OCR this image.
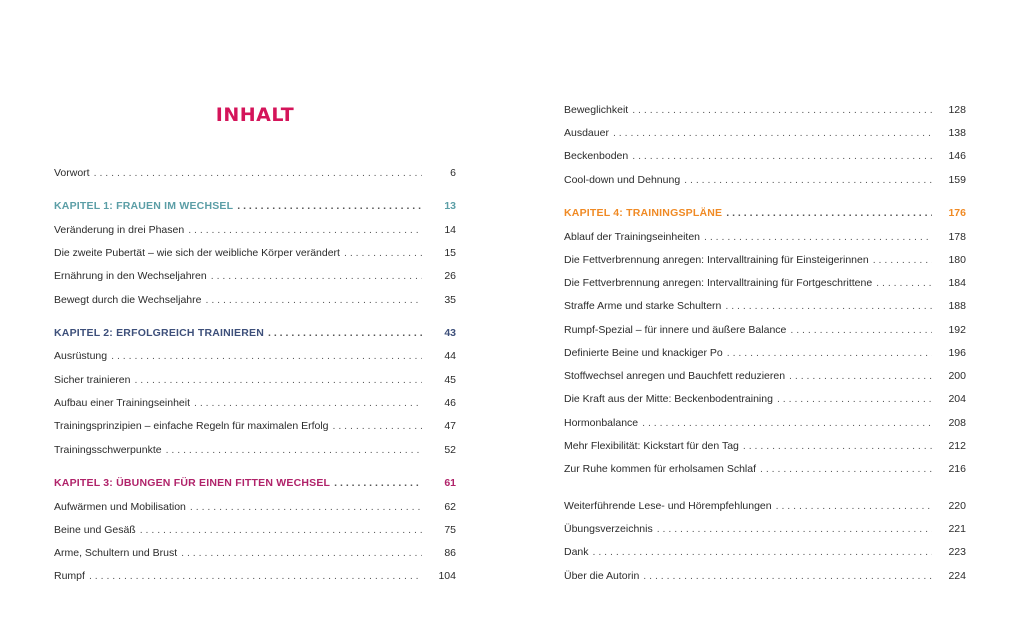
INHALT
Vorwort . . .	6
KAPITEL 1: FRAUEN IM WECHSEL . . .	13
Veränderung in drei Phasen . . .	14
Die zweite Pubertät – wie sich der weibliche Körper verändert . . .	15
Ernährung in den Wechseljahren . . .	26
Bewegt durch die Wechseljahre . . .	35
KAPITEL 2: ERFOLGREICH TRAINIEREN . . .	43
Ausrüstung . . .	44
Sicher trainieren . . .	45
Aufbau einer Trainingseinheit . . .	46
Trainingsprinzipien – einfache Regeln für maximalen Erfolg . . .	47
Trainingsschwerpunkte . . .	52
KAPITEL 3: ÜBUNGEN FÜR EINEN FITTEN WECHSEL . . .	61
Aufwärmen und Mobilisation . . .	62
Beine und Gesäß . . .	75
Arme, Schultern und Brust . . .	86
Rumpf . . .	104
Beweglichkeit . . .	128
Ausdauer . . .	138
Beckenboden . . .	146
Cool-down und Dehnung . . .	159
KAPITEL 4: TRAININGSPLÄNE . . .	176
Ablauf der Trainingseinheiten . . .	178
Die Fettverbrennung anregen: Intervalltraining für Einsteigerinnen . . .	180
Die Fettverbrennung anregen: Intervalltraining für Fortgeschrittene . . .	184
Straffe Arme und starke Schultern . . .	188
Rumpf-Spezial – für innere und äußere Balance . . .	192
Definierte Beine und knackiger Po . . .	196
Stoffwechsel anregen und Bauchfett reduzieren . . .	200
Die Kraft aus der Mitte: Beckenbodentraining . . .	204
Hormonbalance . . .	208
Mehr Flexibilität: Kickstart für den Tag . . .	212
Zur Ruhe kommen für erholsamen Schlaf . . .	216
Weiterführende Lese- und Hörempfehlungen . . .	220
Übungsverzeichnis . . .	221
Dank . . .	223
Über die Autorin . . .	224
